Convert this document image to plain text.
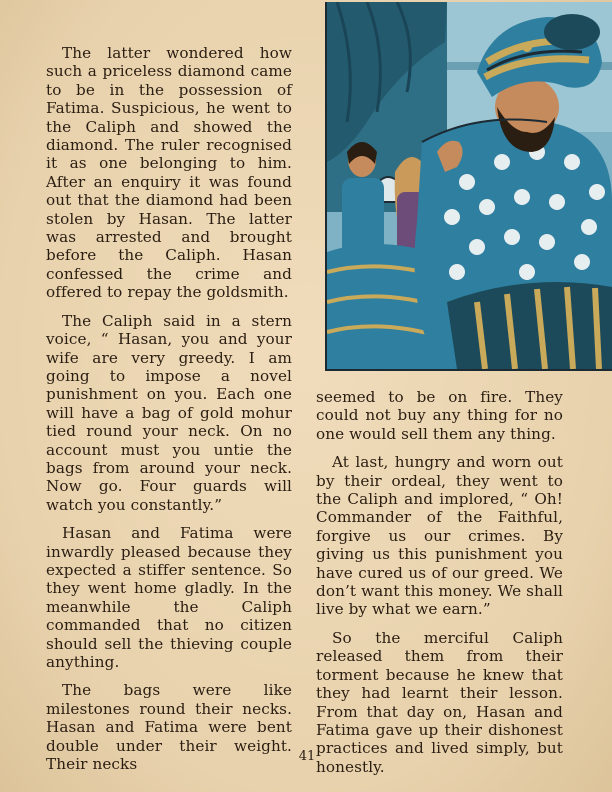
The latter wondered how such a priceless diamond came to be in the possession of Fatima. Suspicious, he went to the Caliph and showed the diamond. The ruler recognised it as one belonging to him. After an enquiry it was found out that the diamond had been stolen by Hasan. The latter was arrested and brought before the Caliph. Hasan confessed the crime and offered to repay the goldsmith.

The Caliph said in a stern voice, “ Hasan, you and your wife are very greedy. I am going to impose a novel punishment on you. Each one will have a bag of gold mohur tied round your neck. On no account must you untie the bags from around your neck. Now go. Four guards will watch you constantly.”

Hasan and Fatima were inwardly pleased because they expected a stiffer sentence. So they went home gladly. In the meanwhile the Caliph commanded that no citizen should sell the thieving couple anything.

The bags were like milestones round their necks. Hasan and Fatima were bent double under their weight. Their necks

seemed to be on fire. They could not buy any thing for no one would sell them any thing.

At last, hungry and worn out by their ordeal, they went to the Caliph and implored, “ Oh! Commander of the Faithful, forgive us our crimes. By giving us this punishment you have cured us of our greed. We don’t want this money. We shall live by what we earn.”

So the merciful Caliph released them from their torment because he knew that they had learnt their lesson. From that day on, Hasan and Fatima gave up their dishonest practices and lived simply, but honestly.

41
